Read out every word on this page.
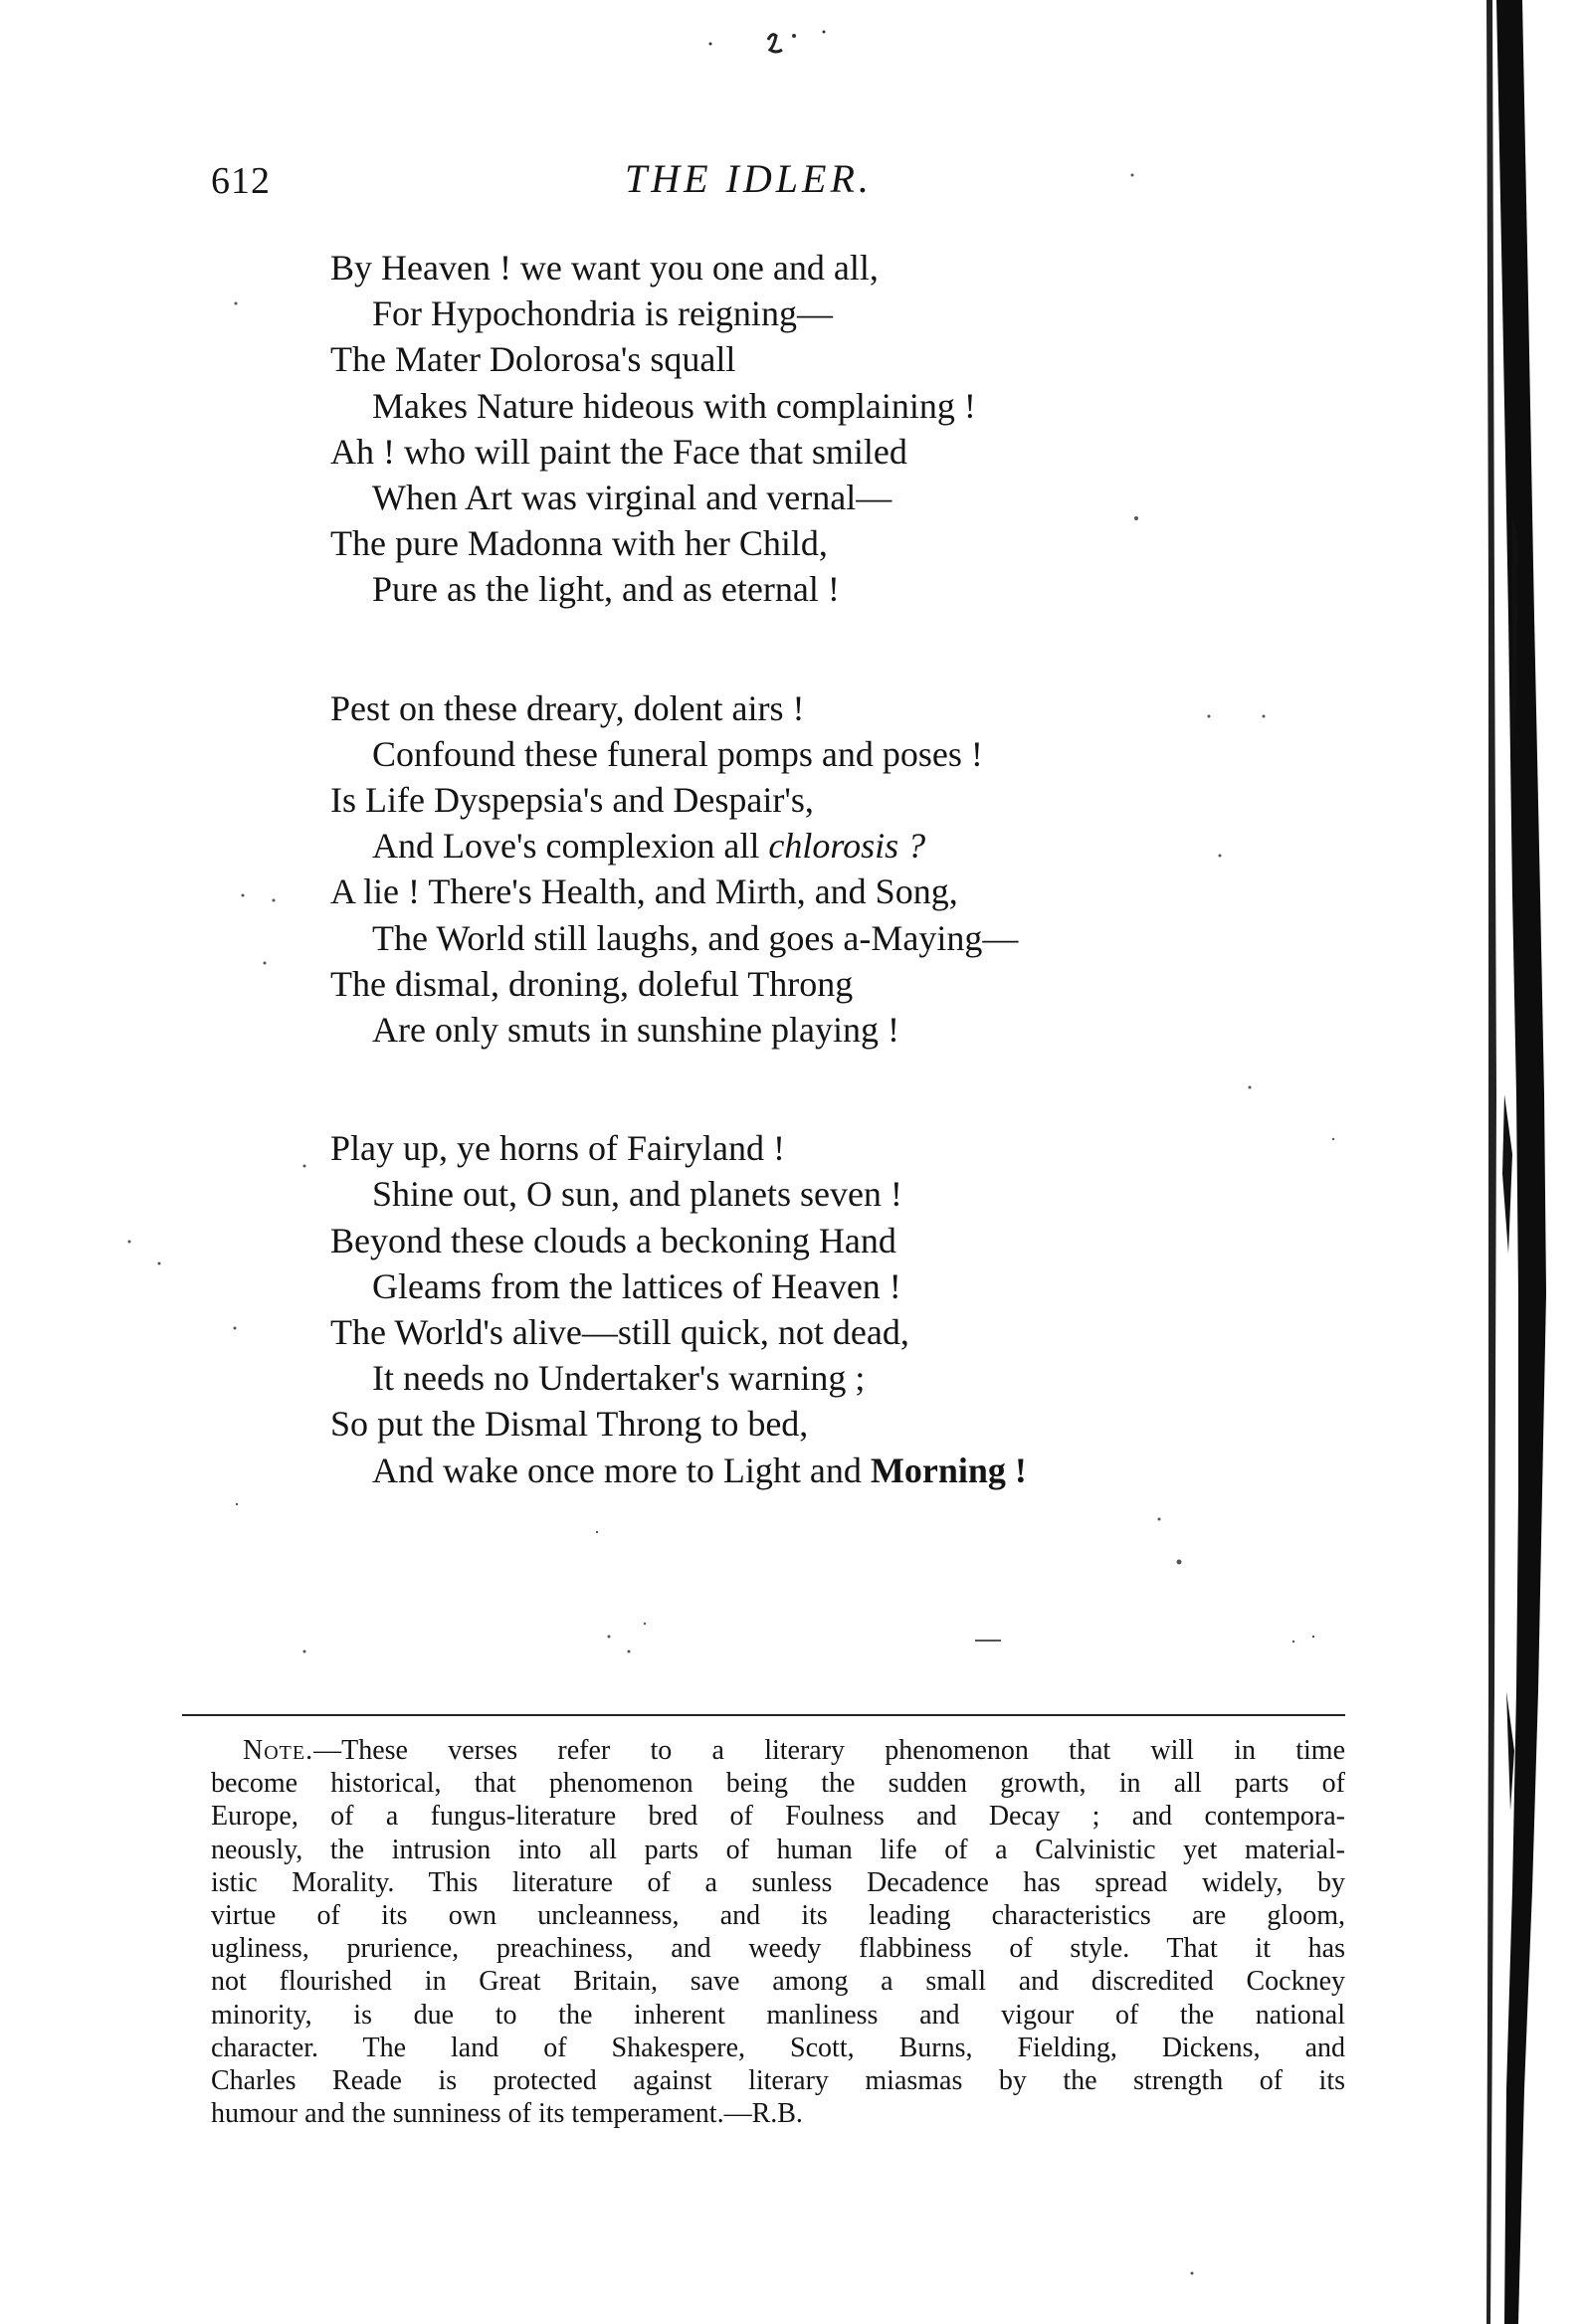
612	THE IDLER.
By Heaven ! we want you one and all,
For Hypochondria is reigning—
The Mater Dolorosa's squall
Makes Nature hideous with complaining !
Ah ! who will paint the Face that smiled
When Art was virginal and vernal—
The pure Madonna with her Child,
Pure as the light, and as eternal !
Pest on these dreary, dolent airs !
Confound these funeral pomps and poses !
Is Life Dyspepsia's and Despair's,
And Love's complexion all chlorosis ?
A lie ! There's Health, and Mirth, and Song,
The World still laughs, and goes a-Maying—
The dismal, droning, doleful Throng
Are only smuts in sunshine playing !
Play up, ye horns of Fairyland !
Shine out, O sun, and planets seven !
Beyond these clouds a beckoning Hand
Gleams from the lattices of Heaven !
The World's alive—still quick, not dead,
It needs no Undertaker's warning ;
So put the Dismal Throng to bed,
And wake once more to Light and Morning !
Note.—These verses refer to a literary phenomenon that will in time
become historical, that phenomenon being the sudden growth, in all parts of
Europe, of a fungus-literature bred of Foulness and Decay ; and contempora-
neously, the intrusion into all parts of human life of a Calvinistic yet material-
istic Morality. This literature of a sunless Decadence has spread widely, by
virtue of its own uncleanness, and its leading characteristics are gloom,
ugliness, prurience, preachiness, and weedy flabbiness of style. That it has
not flourished in Great Britain, save among a small and discredited Cockney
minority, is due to the inherent manliness and vigour of the national
character. The land of Shakespere, Scott, Burns, Fielding, Dickens, and
Charles Reade is protected against literary miasmas by the strength of its
humour and the sunniness of its temperament.—R.B.
